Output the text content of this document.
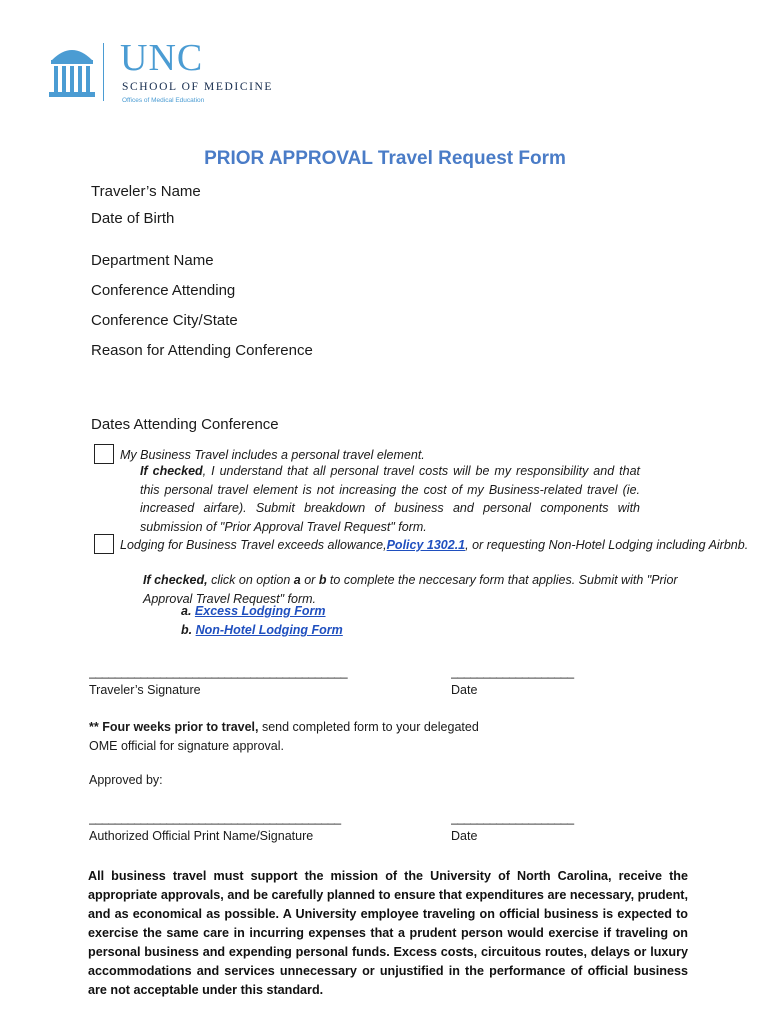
UNC
SCHOOL OF MEDICINE
Offices of Medical Education
PRIOR APPROVAL Travel Request Form
Traveler’s Name
Date of Birth
Department Name
Conference Attending
Conference City/State
Reason for Attending Conference
Dates Attending Conference
My Business Travel includes a personal travel element.
If checked, I understand that all personal travel costs will be my responsibility and that this personal travel element is not increasing the cost of my Business-related travel (ie. increased airfare). Submit breakdown of business and personal components with submission of "Prior Approval Travel Request" form.
Lodging for Business Travel exceeds allowance,Policy 1302.1, or requesting Non-Hotel Lodging including Airbnb.
If checked, click on option a or b to complete the neccesary form that applies. Submit with "Prior Approval Travel Request" form.
a. Excess Lodging Form
b. Non-Hotel Lodging Form
________________________________________	___________________
Traveler’s Signature	Date
** Four weeks prior to travel, send completed form to your delegated
OME official for signature approval.
Approved by:
_______________________________________	___________________
Authorized Official Print Name/Signature	Date
All business travel must support the mission of the University of North Carolina, receive the appropriate approvals, and be carefully planned to ensure that expenditures are necessary, prudent, and as economical as possible. A University employee traveling on official business is expected to exercise the same care in incurring expenses that a prudent person would exercise if traveling on personal business and expending personal funds. Excess costs, circuitous routes, delays or luxury accommodations and services unnecessary or unjustified in the performance of official business are not acceptable under this standard.
